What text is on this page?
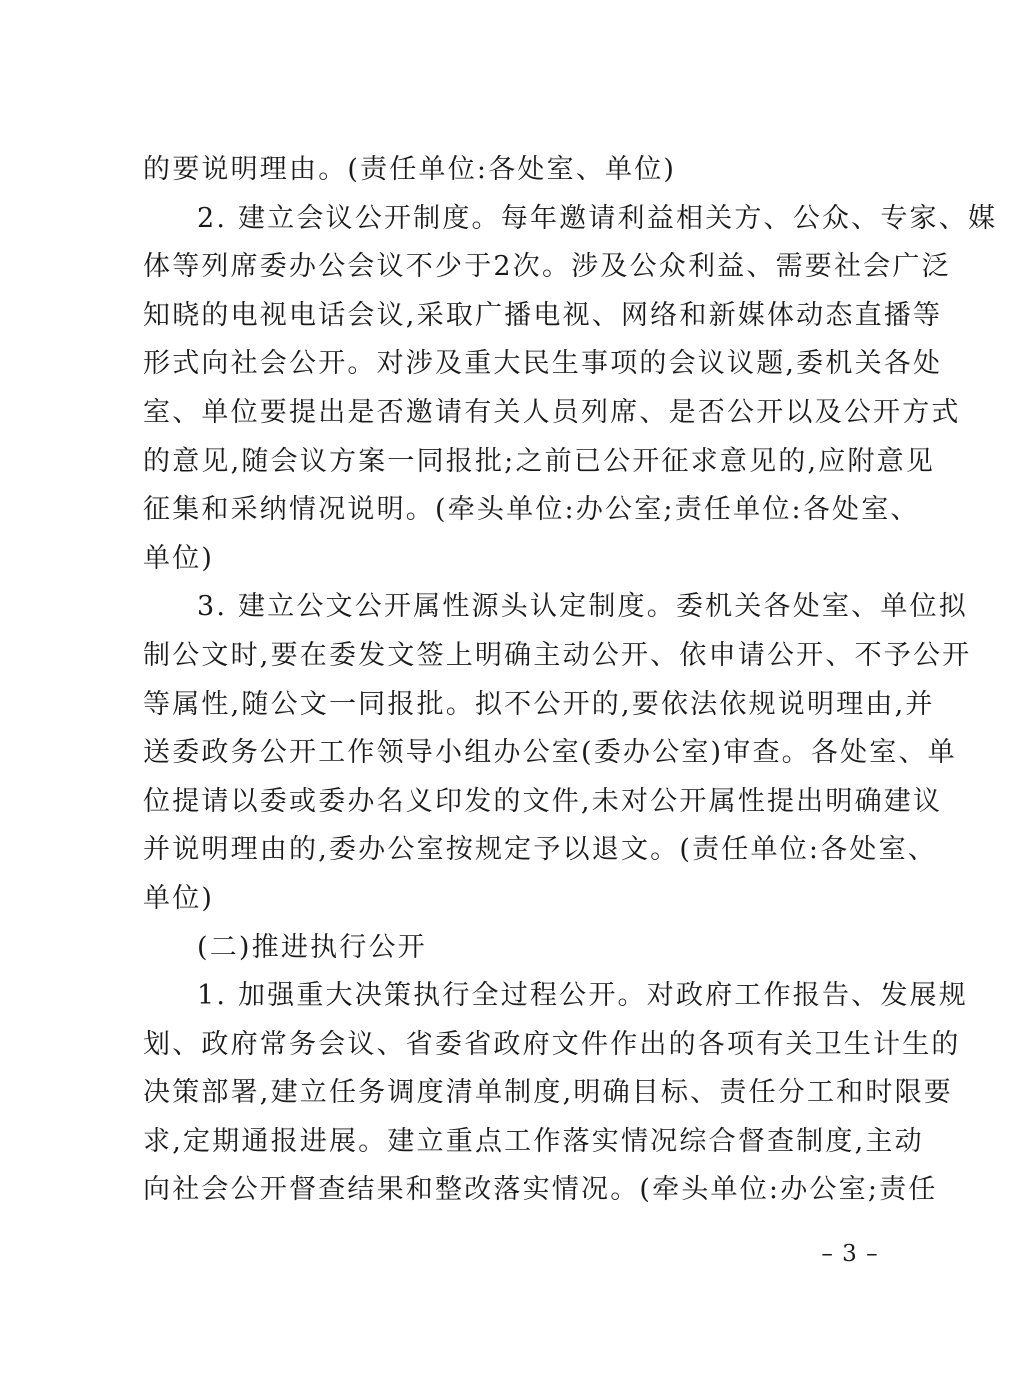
的要说明理由。(责任单位:各处室、单位)
2. 建立会议公开制度。每年邀请利益相关方、公众、专家、媒
体等列席委办公会议不少于2次。涉及公众利益、需要社会广泛
知晓的电视电话会议,采取广播电视、网络和新媒体动态直播等
形式向社会公开。对涉及重大民生事项的会议议题,委机关各处
室、单位要提出是否邀请有关人员列席、是否公开以及公开方式
的意见,随会议方案一同报批;之前已公开征求意见的,应附意见
征集和采纳情况说明。(牵头单位:办公室;责任单位:各处室、
单位)
3. 建立公文公开属性源头认定制度。委机关各处室、单位拟
制公文时,要在委发文签上明确主动公开、依申请公开、不予公开
等属性,随公文一同报批。拟不公开的,要依法依规说明理由,并
送委政务公开工作领导小组办公室(委办公室)审查。各处室、单
位提请以委或委办名义印发的文件,未对公开属性提出明确建议
并说明理由的,委办公室按规定予以退文。(责任单位:各处室、
单位)
(二)推进执行公开
1. 加强重大决策执行全过程公开。对政府工作报告、发展规
划、政府常务会议、省委省政府文件作出的各项有关卫生计生的
决策部署,建立任务调度清单制度,明确目标、责任分工和时限要
求,定期通报进展。建立重点工作落实情况综合督查制度,主动
向社会公开督查结果和整改落实情况。(牵头单位:办公室;责任
– 3 –
